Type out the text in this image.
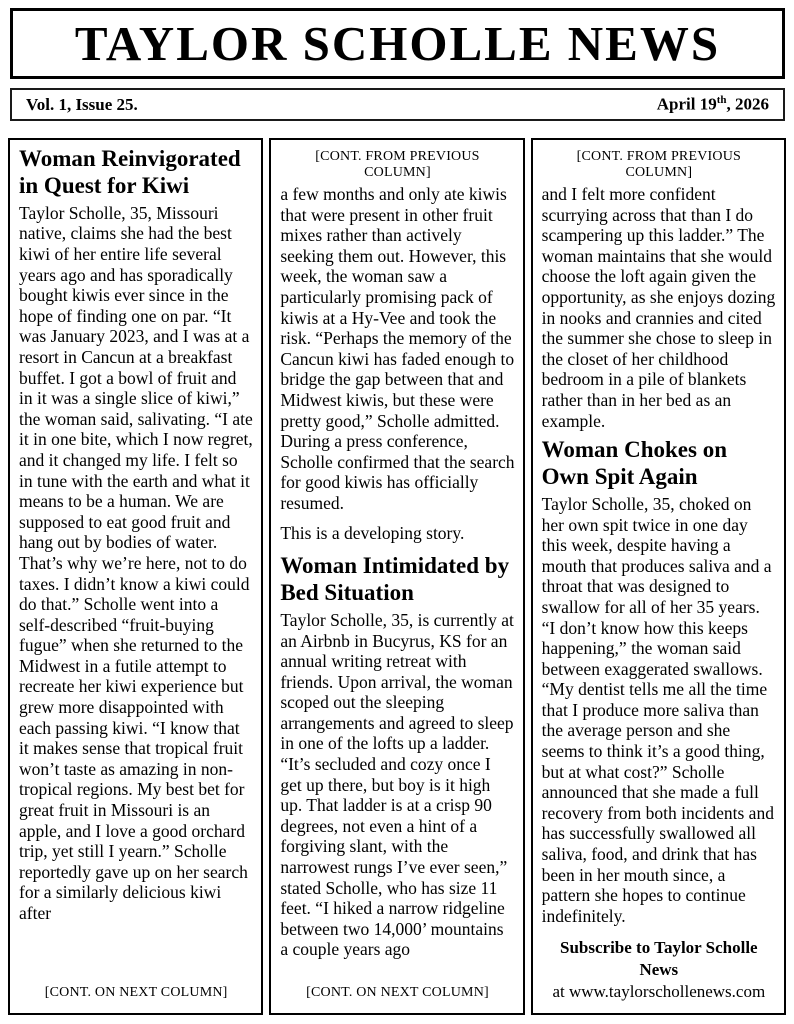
TAYLOR SCHOLLE NEWS
Vol. 1, Issue 25.	April 19th, 2026
Woman Reinvigorated in Quest for Kiwi

Taylor Scholle, 35, Missouri native, claims she had the best kiwi of her entire life several years ago and has sporadically bought kiwis ever since in the hope of finding one on par. “It was January 2023, and I was at a resort in Cancun at a breakfast buffet. I got a bowl of fruit and in it was a single slice of kiwi,” the woman said, salivating. “I ate it in one bite, which I now regret, and it changed my life. I felt so in tune with the earth and what it means to be a human. We are supposed to eat good fruit and hang out by bodies of water. That’s why we’re here, not to do taxes. I didn’t know a kiwi could do that.” Scholle went into a self-described “fruit-buying fugue” when she returned to the Midwest in a futile attempt to recreate her kiwi experience but grew more disappointed with each passing kiwi. “I know that it makes sense that tropical fruit won’t taste as amazing in non-tropical regions. My best bet for great fruit in Missouri is an apple, and I love a good orchard trip, yet still I yearn.” Scholle reportedly gave up on her search for a similarly delicious kiwi after

[CONT. ON NEXT COLUMN]
[CONT. FROM PREVIOUS COLUMN]

a few months and only ate kiwis that were present in other fruit mixes rather than actively seeking them out. However, this week, the woman saw a particularly promising pack of kiwis at a Hy-Vee and took the risk. “Perhaps the memory of the Cancun kiwi has faded enough to bridge the gap between that and Midwest kiwis, but these were pretty good,” Scholle admitted. During a press conference, Scholle confirmed that the search for good kiwis has officially resumed.

This is a developing story.

Woman Intimidated by Bed Situation

Taylor Scholle, 35, is currently at an Airbnb in Bucyrus, KS for an annual writing retreat with friends. Upon arrival, the woman scoped out the sleeping arrangements and agreed to sleep in one of the lofts up a ladder. “It’s secluded and cozy once I get up there, but boy is it high up. That ladder is at a crisp 90 degrees, not even a hint of a forgiving slant, with the narrowest rungs I’ve ever seen,” stated Scholle, who has size 11 feet. “I hiked a narrow ridgeline between two 14,000’ mountains a couple years ago

[CONT. ON NEXT COLUMN]
[CONT. FROM PREVIOUS COLUMN]

and I felt more confident scurrying across that than I do scampering up this ladder.” The woman maintains that she would choose the loft again given the opportunity, as she enjoys dozing in nooks and crannies and cited the summer she chose to sleep in the closet of her childhood bedroom in a pile of blankets rather than in her bed as an example.

Woman Chokes on Own Spit Again

Taylor Scholle, 35, choked on her own spit twice in one day this week, despite having a mouth that produces saliva and a throat that was designed to swallow for all of her 35 years. “I don’t know how this keeps happening,” the woman said between exaggerated swallows. “My dentist tells me all the time that I produce more saliva than the average person and she seems to think it’s a good thing, but at what cost?” Scholle announced that she made a full recovery from both incidents and has successfully swallowed all saliva, food, and drink that has been in her mouth since, a pattern she hopes to continue indefinitely.

Subscribe to Taylor Scholle News
at www.taylorschollenews.com
